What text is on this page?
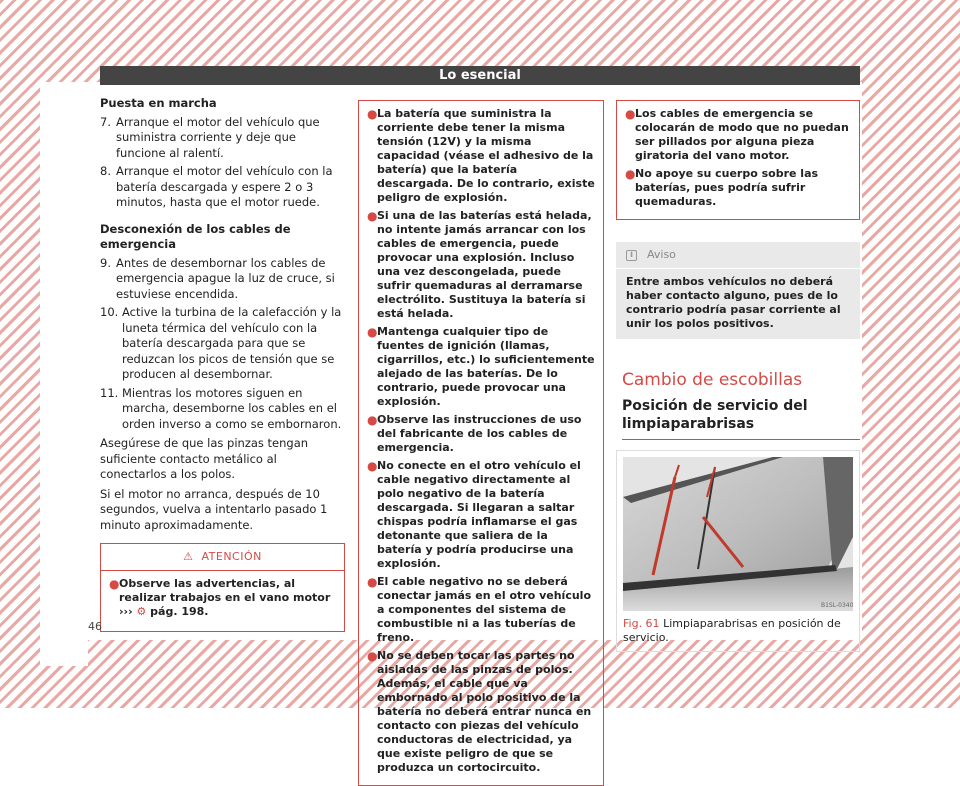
Lo esencial
Puesta en marcha
7. Arranque el motor del vehículo que suministra corriente y deje que funcione al ralentí.
8. Arranque el motor del vehículo con la batería descargada y espere 2 o 3 minutos, hasta que el motor ruede.
Desconexión de los cables de emergencia
9. Antes de desembornar los cables de emergencia apague la luz de cruce, si estuviese encendida.
10. Active la turbina de la calefacción y la luneta térmica del vehículo con la batería descargada para que se reduzcan los picos de tensión que se producen al desembornar.
11. Mientras los motores siguen en marcha, desemborne los cables en el orden inverso a como se embornaron.
Asegúrese de que las pinzas tengan suficiente contacto metálico al conectarlos a los polos.
Si el motor no arranca, después de 10 segundos, vuelva a intentarlo pasado 1 minuto aproximadamente.
⚠  ATENCIÓN
● Observe las advertencias, al realizar trabajos en el vano motor ››› ⚙ pág. 198.
● La batería que suministra la corriente debe tener la misma tensión (12V) y la misma capacidad (véase el adhesivo de la batería) que la batería descargada. De lo contrario, existe peligro de explosión.
● Si una de las baterías está helada, no intente jamás arrancar con los cables de emergencia, puede provocar una explosión. Incluso una vez descongelada, puede sufrir quemaduras al derramarse electrólito. Sustituya la batería si está helada.
● Mantenga cualquier tipo de fuentes de ignición (llamas, cigarrillos, etc.) lo suficientemente alejado de las baterías. De lo contrario, puede provocar una explosión.
● Observe las instrucciones de uso del fabricante de los cables de emergencia.
● No conecte en el otro vehículo el cable negativo directamente al polo negativo de la batería descargada. Si llegaran a saltar chispas podría inflamarse el gas detonante que saliera de la batería y podría producirse una explosión.
● El cable negativo no se deberá conectar jamás en el otro vehículo a componentes del sistema de combustible ni a las tuberías de freno.
● No se deben tocar las partes no aisladas de las pinzas de polos. Además, el cable que va embornado al polo positivo de la batería no deberá entrar nunca en contacto con piezas del vehículo conductoras de electricidad, ya que existe peligro de que se produzca un cortocircuito.
● Los cables de emergencia se colocarán de modo que no puedan ser pillados por alguna pieza giratoria del vano motor.
● No apoye su cuerpo sobre las baterías, pues podría sufrir quemaduras.
i	Aviso
Entre ambos vehículos no deberá haber contacto alguno, pues de lo contrario podría pasar corriente al unir los polos positivos.
Cambio de escobillas
Posición de servicio del limpiaparabrisas
B1SL-0340
Fig. 61 Limpiaparabrisas en posición de servicio.
46
